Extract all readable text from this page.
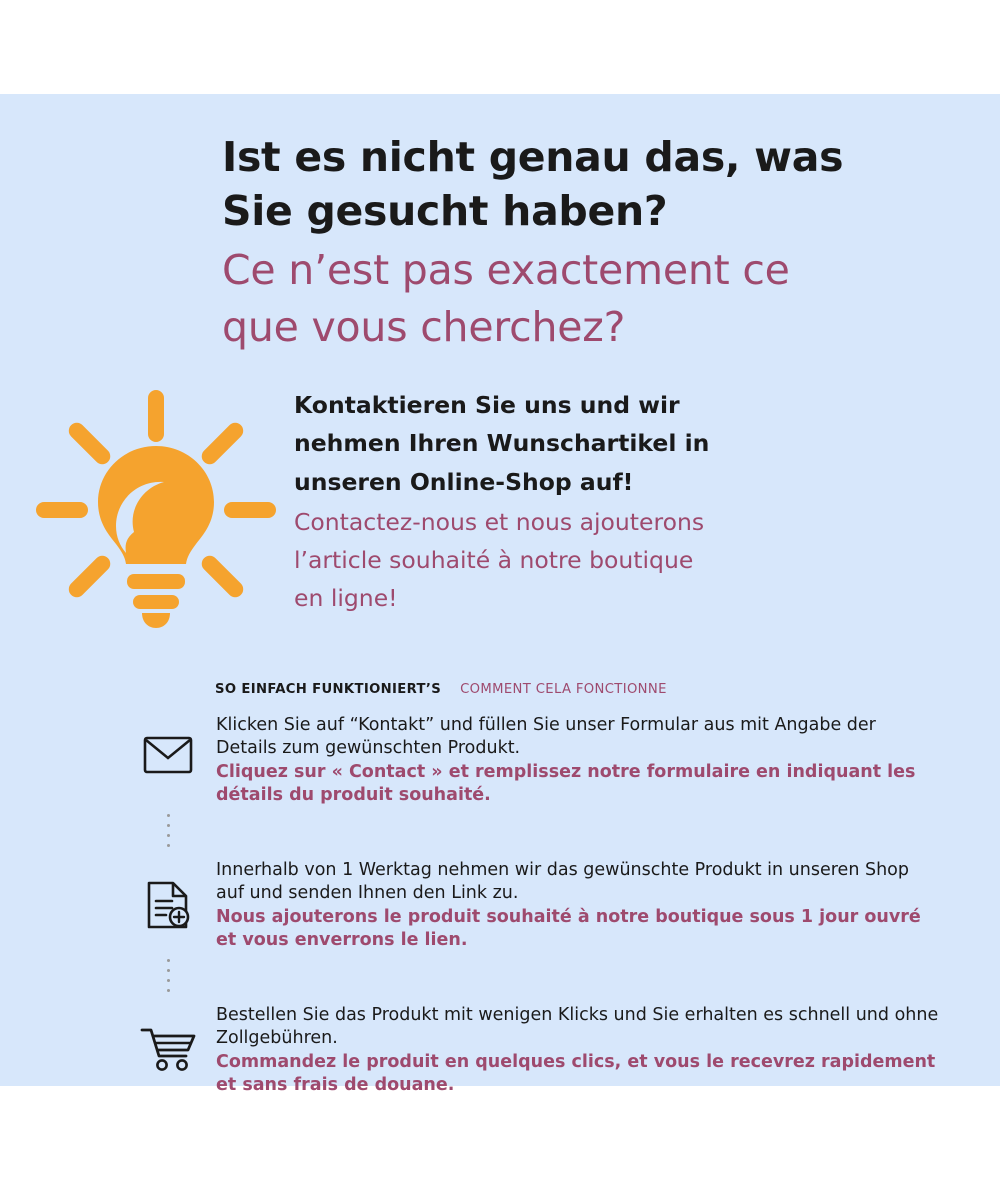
Ist es nicht genau das, was
Sie gesucht haben?
Ce n’est pas exactement ce
que vous cherchez?
Kontaktieren Sie uns und wir
nehmen Ihren Wunschartikel in
unseren Online-Shop auf!
Contactez-nous et nous ajouterons
l’article souhaité à notre boutique
en ligne!
SO EINFACH FUNKTIONIERT’S COMMENT CELA FONCTIONNE
Klicken Sie auf “Kontakt” und füllen Sie unser Formular aus mit Angabe der Details zum gewünschten Produkt.
Cliquez sur « Contact » et remplissez notre formulaire en indiquant les détails du produit souhaité.
Innerhalb von 1 Werktag nehmen wir das gewünschte Produkt in unseren Shop auf und senden Ihnen den Link zu.
Nous ajouterons le produit souhaité à notre boutique sous 1 jour ouvré et vous enverrons le lien.
Bestellen Sie das Produkt mit wenigen Klicks und Sie erhalten es schnell und ohne Zollgebühren.
Commandez le produit en quelques clics, et vous le recevrez rapidement et sans frais de douane.
